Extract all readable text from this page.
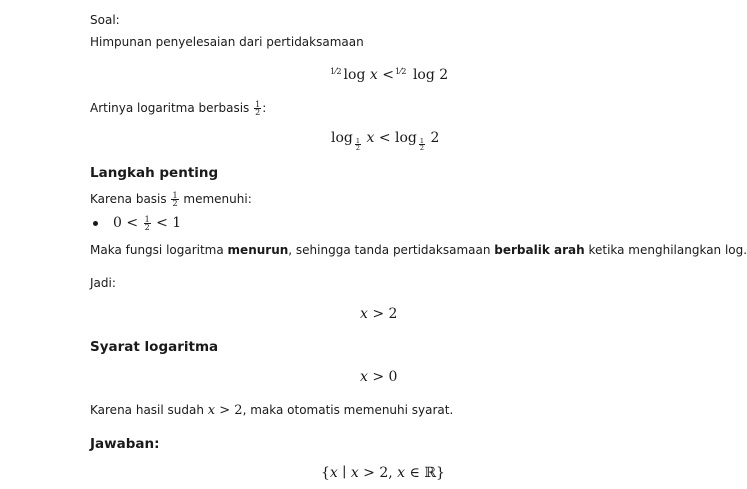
Soal:
Himpunan penyelesaian dari pertidaksamaan
$^{1⁄2}$ log x <$^{1⁄2}$ log 2
Artinya logaritma berbasis $\frac{1}{2}$ :
$\log \frac{1}{2}$ $x < \log \frac{1}{2} 2$
Langkah penting
Karena basis $\frac{1}{2}$ memenuhi:
$0 < \frac{1}{2} < 1$
Maka fungsi logaritma menurun, sehingga tanda pertidaksamaan berbalik arah ketika menghilangkan log.
Jadi:
x > 2
Syarat logaritma
x > 0
Karena hasil sudah x > 2, maka otomatis memenuhi syarat.
Jawaban:
{x ∣ x > 2, x ∈ ℝ}
